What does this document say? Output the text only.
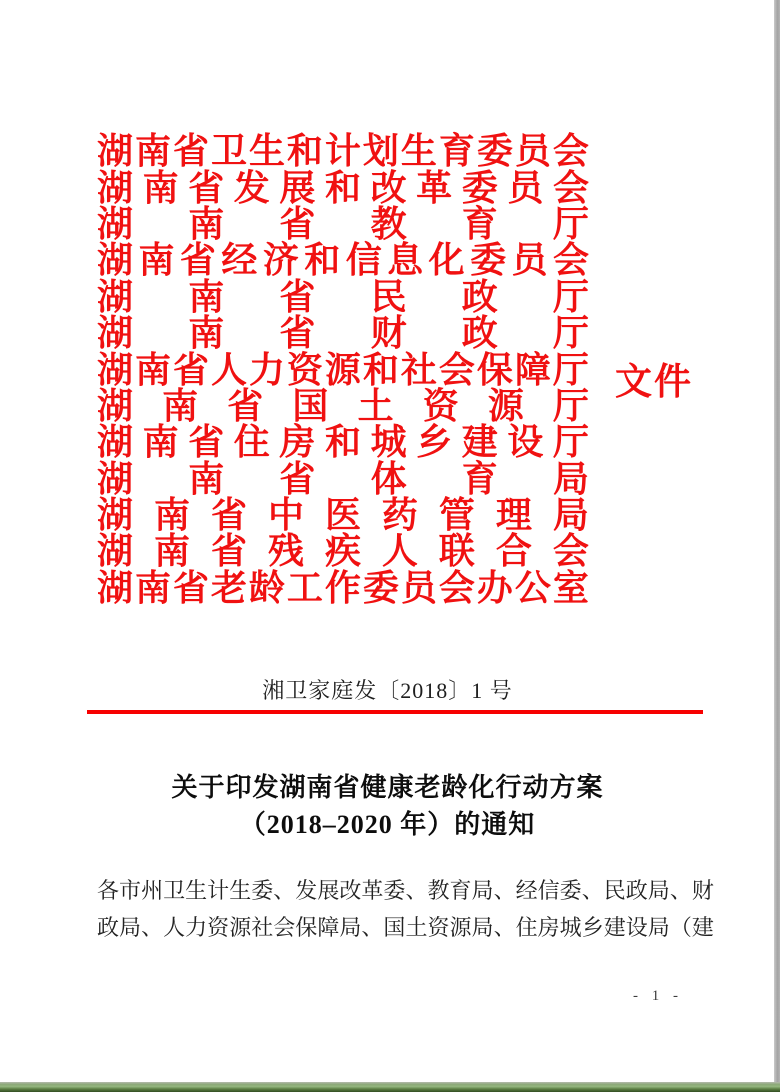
湖 南 省 卫 生 和 计 划 生 育 委 员 会
湖 南 省 发 展 和 改 革 委 员 会
湖 南 省 教 育 厅
湖 南 省 经 济 和 信 息 化 委 员 会
湖 南 省 民 政 厅
湖 南 省 财 政 厅
湖 南 省 人 力 资 源 和 社 会 保 障 厅
湖 南 省 国 土 资 源 厅
湖 南 省 住 房 和 城 乡 建 设 厅
湖 南 省 体 育 局
湖 南 省 中 医 药 管 理 局
湖 南 省 残 疾 人 联 合 会
湖 南 省 老 龄 工 作 委 员 会 办 公 室
文件
湘卫家庭发〔2018〕1 号
关于印发湖南省健康老龄化行动方案
（2018–2020 年）的通知
各 市 州 卫 生 计 生 委 、 发 展 改 革 委 、 教 育 局 、 经 信 委 、 民 政 局 、 财
政 局 、 人 力 资 源 社 会 保 障 局 、 国 土 资 源 局 、 住 房 城 乡 建 设 局 （ 建
- 1 -
